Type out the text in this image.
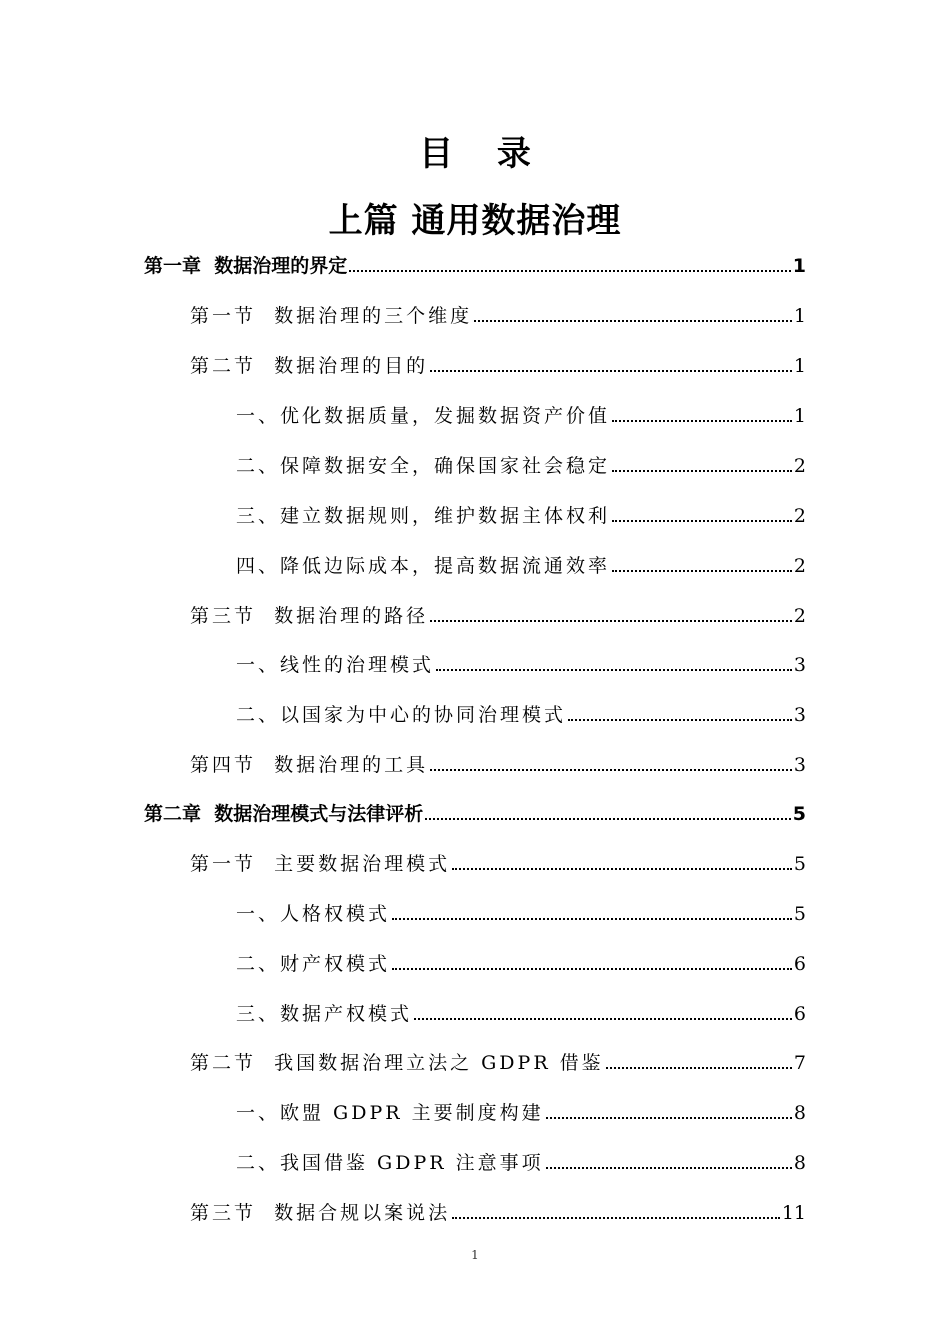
目 录
上篇 通用数据治理
第一章  数据治理的界定	1
第一节  数据治理的三个维度	1
第二节  数据治理的目的	1
一、优化数据质量，发掘数据资产价值	1
二、保障数据安全，确保国家社会稳定	2
三、建立数据规则，维护数据主体权利	2
四、降低边际成本，提高数据流通效率	2
第三节  数据治理的路径	2
一、线性的治理模式	3
二、以国家为中心的协同治理模式	3
第四节  数据治理的工具	3
第二章  数据治理模式与法律评析	5
第一节  主要数据治理模式	5
一、人格权模式	5
二、财产权模式	6
三、数据产权模式	6
第二节  我国数据治理立法之 GDPR 借鉴	7
一、欧盟 GDPR 主要制度构建	8
二、我国借鉴 GDPR 注意事项	8
第三节  数据合规以案说法	11
1
